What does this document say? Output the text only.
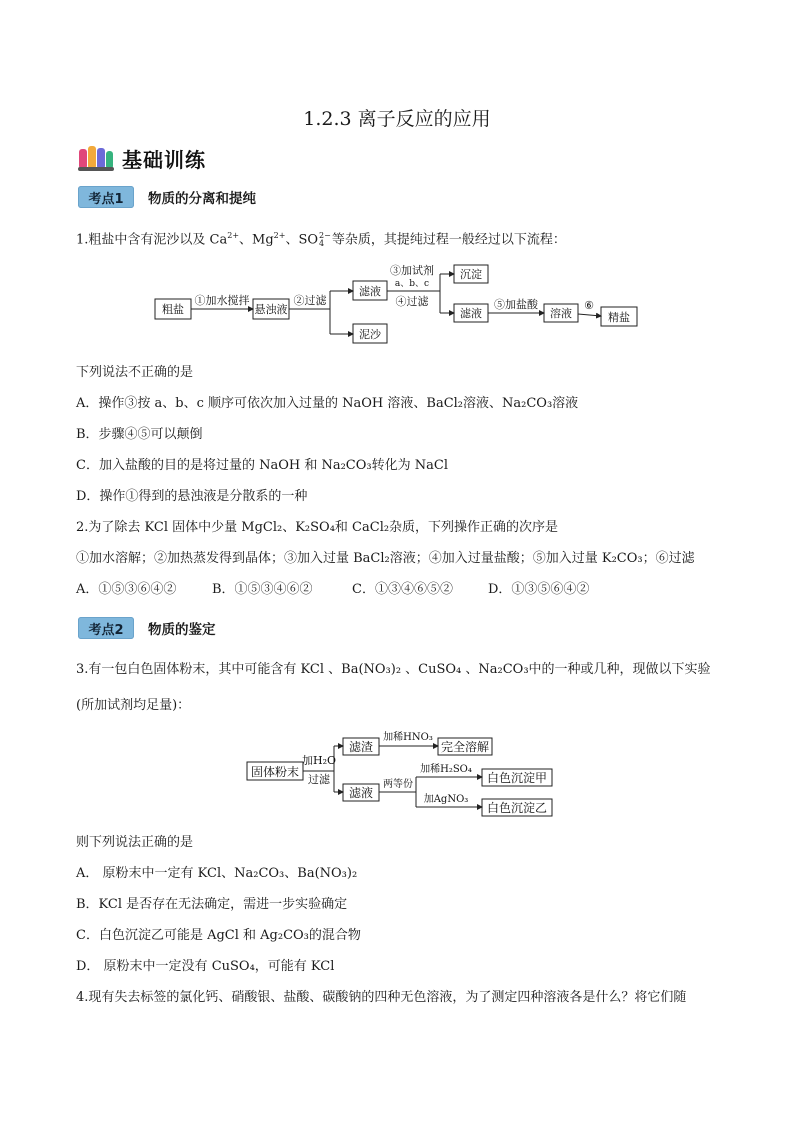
1.2.3 离子反应的应用
基础训练
考点1	物质的分离和提纯
1.粗盐中含有泥沙以及 $Ca^{2+}$、$Mg^{2+}$、SO 2−
4 等杂质，其提纯过程一般经过以下流程：
粗盐
①加水搅拌
悬浊液
②过滤
滤液
泥沙
③加试剂
a、b、c
④过滤
沉淀
滤液
⑤加盐酸
溶液
⑥
精盐
下列说法不正确的是
A．操作③按 a、b、c 顺序可依次加入过量的 NaOH 溶液、BaCl₂溶液、Na₂CO₃溶液
B．步骤④⑤可以颠倒
C．加入盐酸的目的是将过量的 NaOH 和 Na₂CO₃转化为 NaCl
D．操作①得到的悬浊液是分散系的一种
2.为了除去 KCl 固体中少量 MgCl₂、K₂SO₄和 CaCl₂杂质，下列操作正确的次序是
①加水溶解；②加热蒸发得到晶体；③加入过量 BaCl₂溶液；④加入过量盐酸；⑤加入过量 K₂CO₃；⑥过滤
A．①⑤③⑥④②	B．①⑤③④⑥②	C．①③④⑥⑤②	D．①③⑤⑥④②
考点2	物质的鉴定
3.有一包白色固体粉末，其中可能含有 KCl 、Ba(NO₃)₂ 、CuSO₄ 、Na₂CO₃中的一种或几种，现做以下实验
(所加试剂均足量)：
固体粉末
加H₂O
过滤
滤渣
加稀HNO₃
完全溶解
滤液
两等份
加稀H₂SO₄
白色沉淀甲
加AgNO₃
白色沉淀乙
则下列说法正确的是
A． 原粉末中一定有 KCl、Na₂CO₃、Ba(NO₃)₂
B．KCl 是否存在无法确定，需进一步实验确定
C．白色沉淀乙可能是 AgCl 和 Ag₂CO₃的混合物
D． 原粉末中一定没有 CuSO₄，可能有 KCl
4.现有失去标签的氯化钙、硝酸银、盐酸、碳酸钠的四种无色溶液，为了测定四种溶液各是什么？将它们随
